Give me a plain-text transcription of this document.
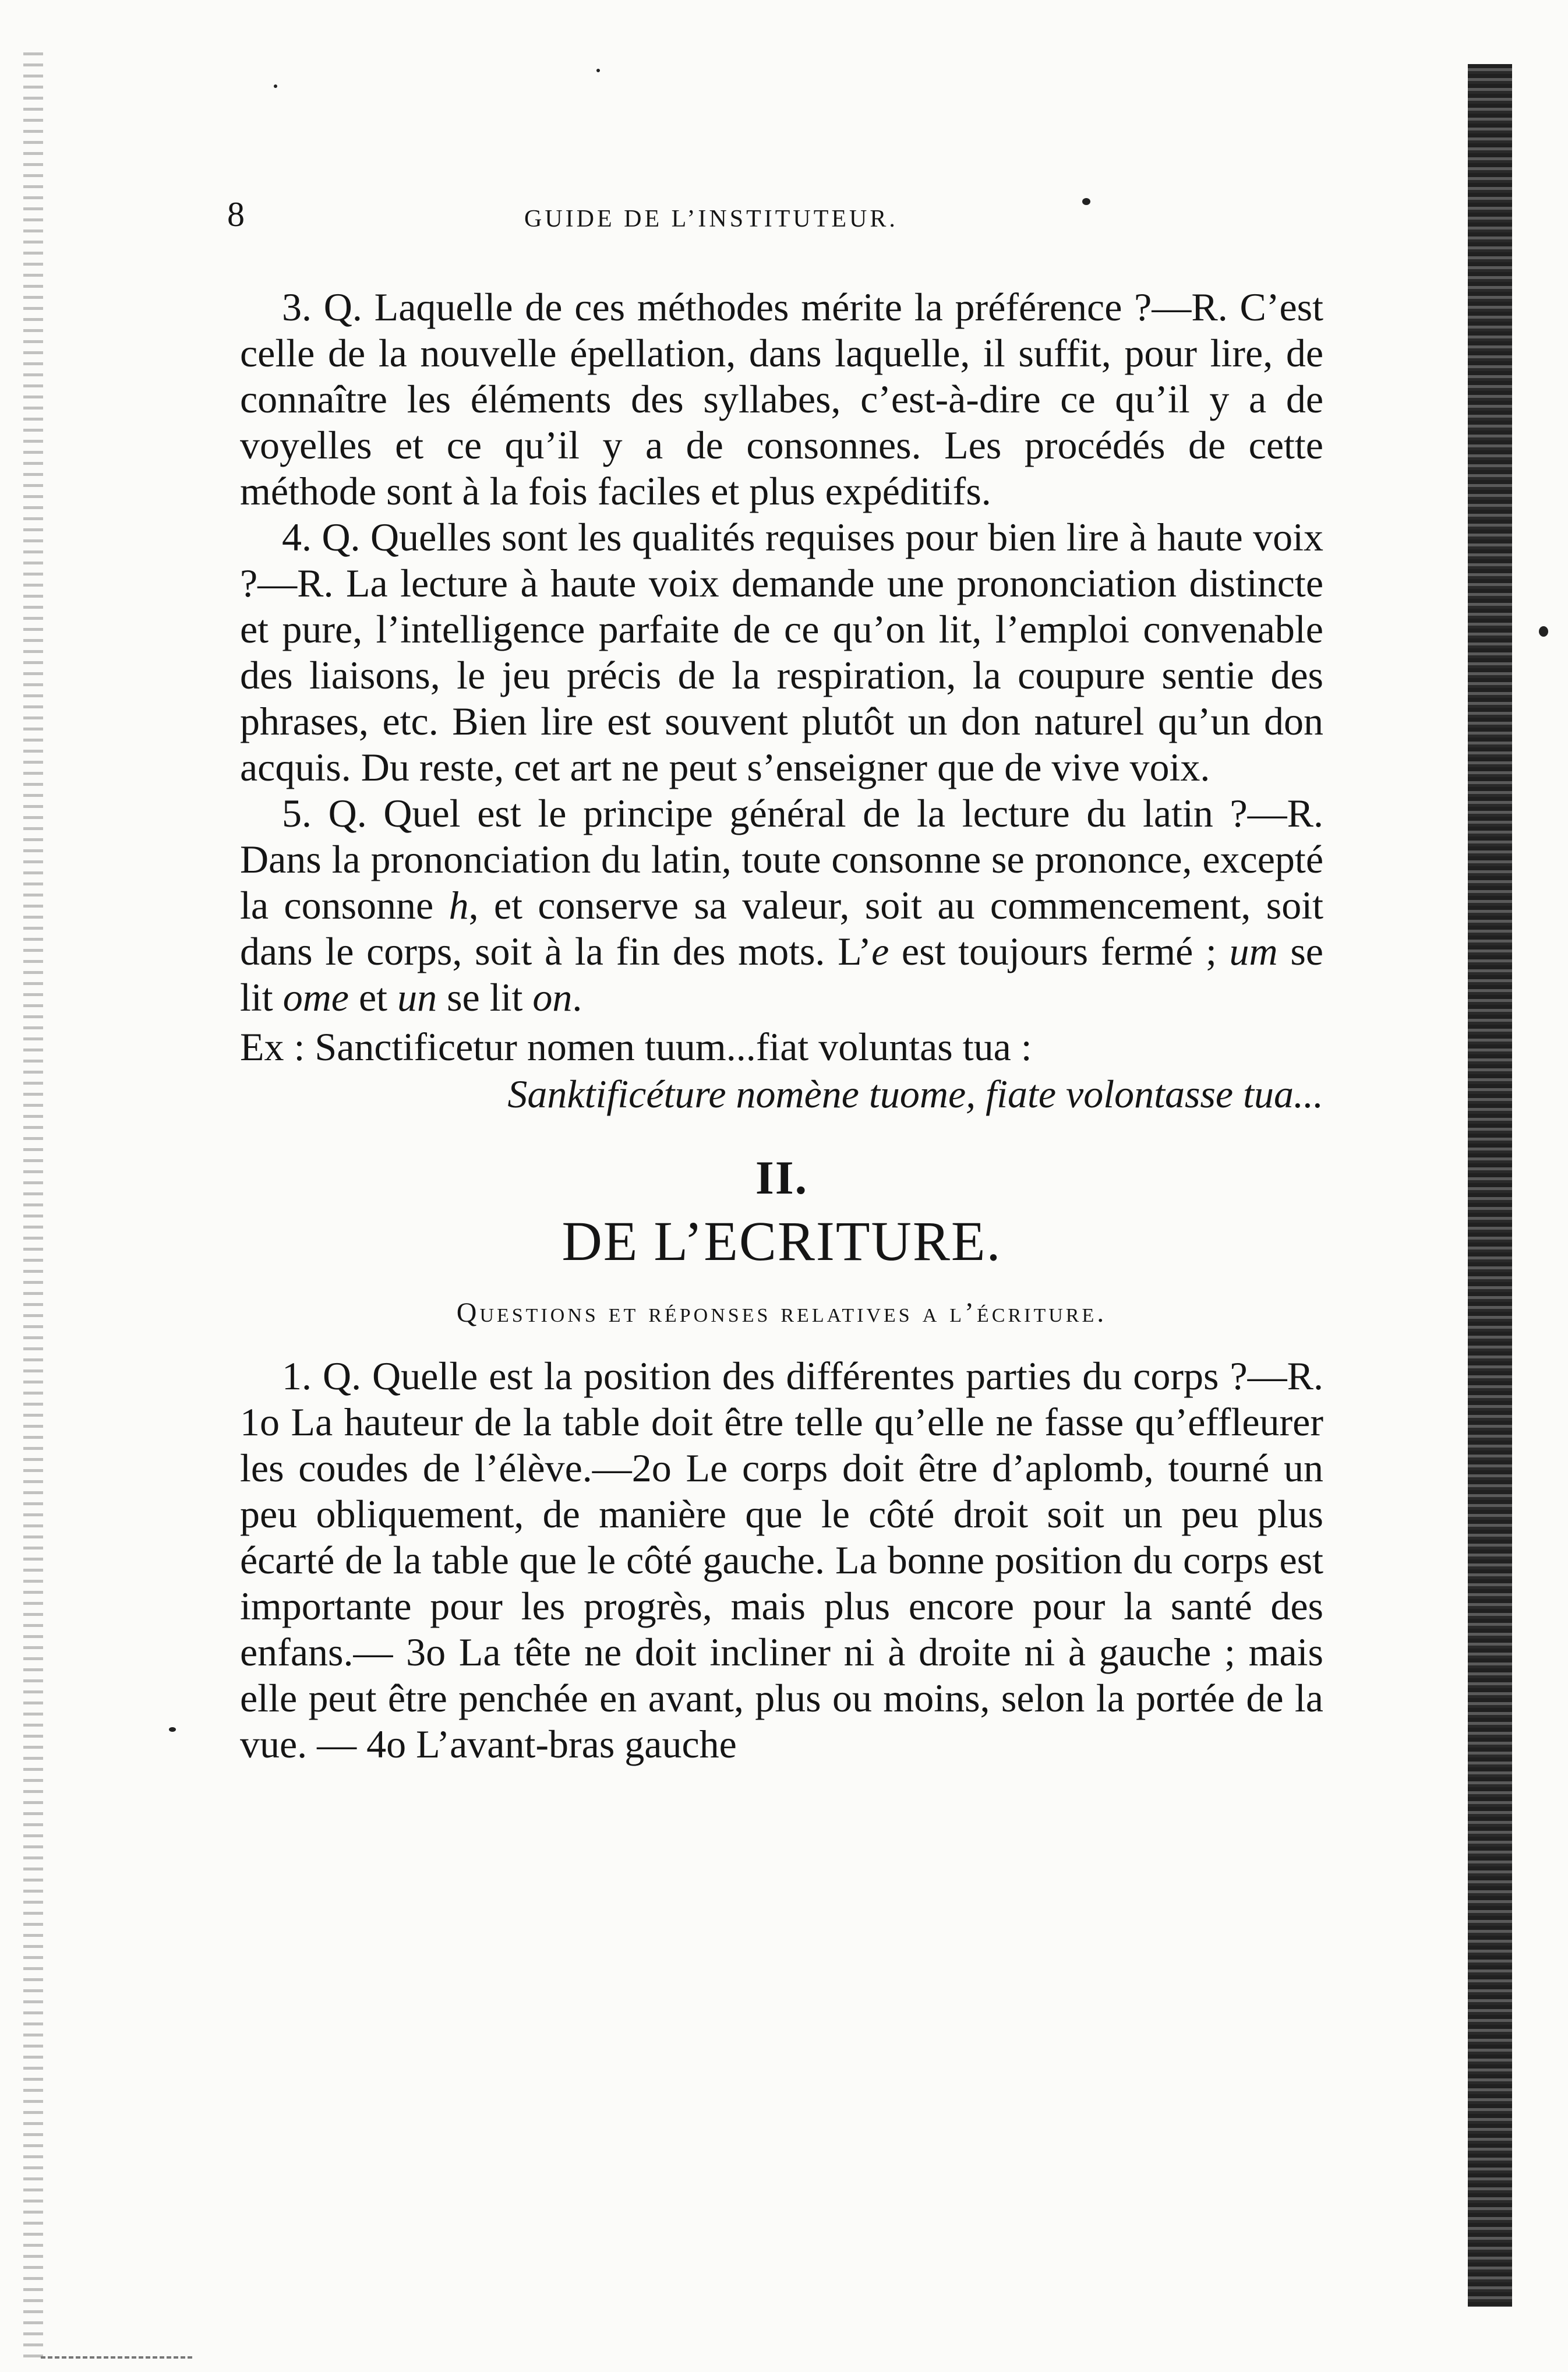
8	GUIDE DE L’INSTITUTEUR.

3. Q. Laquelle de ces méthodes mérite la préférence ?—R. C’est celle de la nouvelle épellation, dans laquelle, il suffit, pour lire, de connaître les éléments des syllabes, c’est-à-dire ce qu’il y a de voyelles et ce qu’il y a de consonnes. Les procédés de cette méthode sont à la fois faciles et plus expéditifs.

4. Q. Quelles sont les qualités requises pour bien lire à haute voix ?—R. La lecture à haute voix demande une prononciation distincte et pure, l’intelligence parfaite de ce qu’on lit, l’emploi convenable des liaisons, le jeu précis de la respiration, la coupure sentie des phrases, etc. Bien lire est souvent plutôt un don naturel qu’un don acquis. Du reste, cet art ne peut s’enseigner que de vive voix.

5. Q. Quel est le principe général de la lecture du latin ?—R. Dans la prononciation du latin, toute consonne se prononce, excepté la consonne h, et conserve sa valeur, soit au commencement, soit dans le corps, soit à la fin des mots. L’e est toujours fermé ; um se lit ome et un se lit on.

Ex : Sanctificetur nomen tuum...fiat voluntas tua :
Sanktificéture nomène tuome, fiate volontasse tua...

II.
DE L’ECRITURE.
Questions et réponses relatives a l’écriture.

1. Q. Quelle est la position des différentes parties du corps ?—R. 1o La hauteur de la table doit être telle qu’elle ne fasse qu’effleurer les coudes de l’élève.—2o Le corps doit être d’aplomb, tourné un peu obliquement, de manière que le côté droit soit un peu plus écarté de la table que le côté gauche. La bonne position du corps est importante pour les progrès, mais plus encore pour la santé des enfans.— 3o La tête ne doit incliner ni à droite ni à gauche ; mais elle peut être penchée en avant, plus ou moins, selon la portée de la vue. — 4o L’avant-bras gauche
